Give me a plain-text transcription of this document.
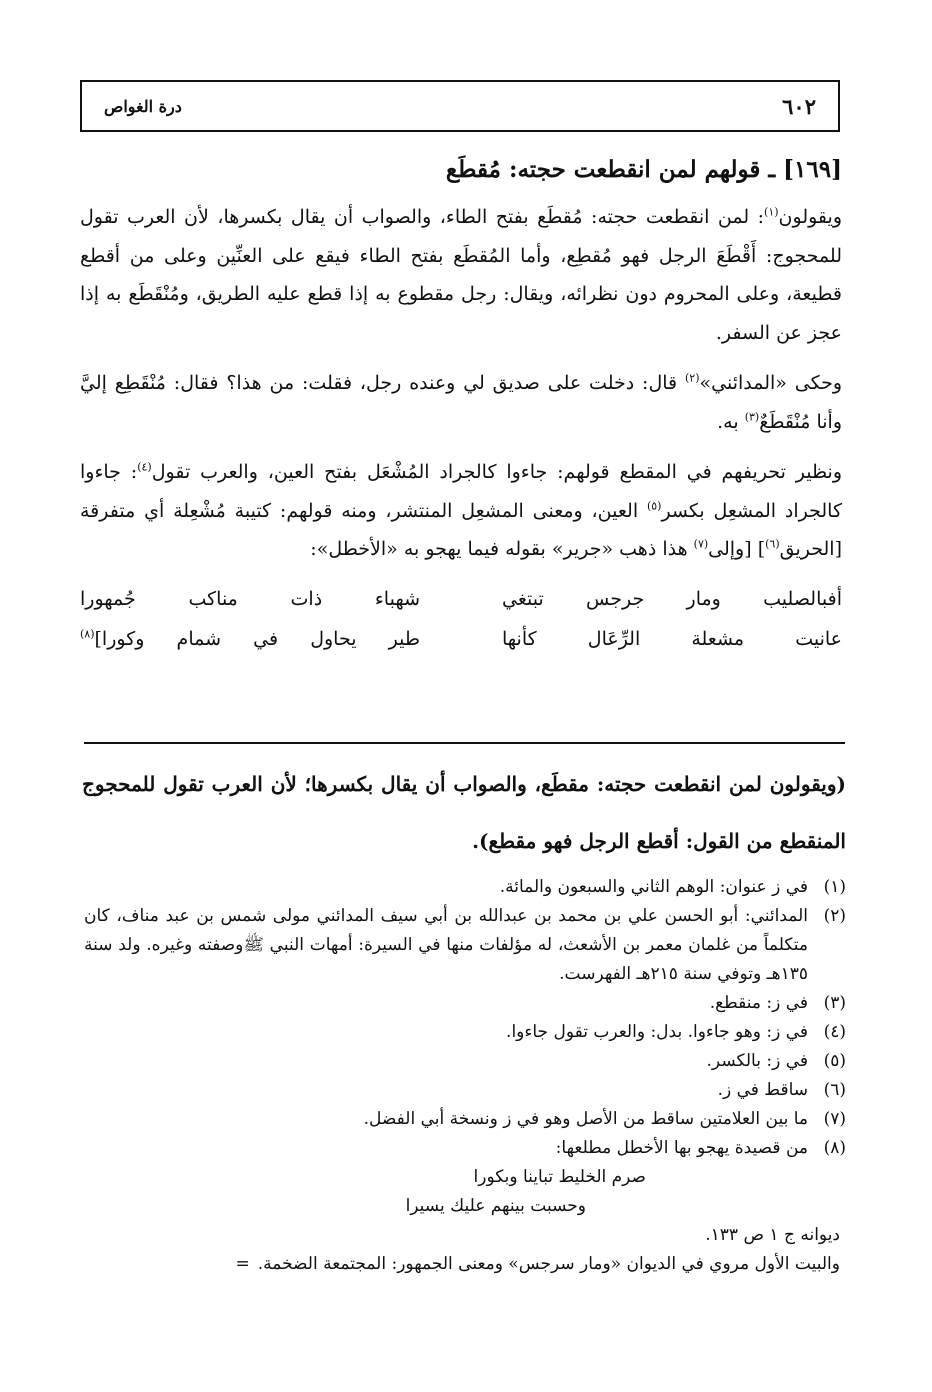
٦٠٢
درة الغواص
[١٦٩] ـ قولهم لمن انقطعت حجته: مُقطَع

ويقولون$^{(١)}$: لمن انقطعت حجته: مُقطَع بفتح الطاء، والصواب أن يقال بكسرها، لأن العرب تقول للمحجوج: أَقْطَعَ الرجل فهو مُقطِع، وأما المُقطَع بفتح الطاء فيقع على العنِّين وعلى من أقطع قطيعة، وعلى المحروم دون نظرائه، ويقال: رجل مقطوع به إذا قطع عليه الطريق، ومُنْقَطَع به إذا عجز عن السفر.

وحكى «المدائني»$^{(٢)}$ قال: دخلت على صديق لي وعنده رجل، فقلت: من هذا؟ فقال: مُنْقَطِع إليَّ وأنا مُنْقَطَعٌ$^{(٣)}$ به.

ونظير تحريفهم في المقطع قولهم: جاءوا كالجراد المُشْعَل بفتح العين، والعرب تقول$^{(٤)}$: جاءوا كالجراد المشعِل بكسر$^{(٥)}$ العين، ومعنى المشعِل المنتشر، ومنه قولهم: كتيبة مُشْعِلة أي متفرقة [الحريق$^{(٦)}$] [وإلى$^{(٧)}$ هذا ذهب «جرير» بقوله فيما يهجو به «الأخطل»:

أفبالصليب ومار جرجس تبتغي
شهباء ذات مناكب جُمهورا
عانيت مشعلة الرِّعَال كأنها
طير يحاول في شمام وكورا]$^{(٨)}$
(ويقولون لمن انقطعت حجته: مقطَع، والصواب أن يقال بكسرها؛ لأن العرب تقول للمحجوج المنقطع من القول: أقطع الرجل فهو مقطع).
(١)
في ز عنوان: الوهم الثاني والسبعون والمائة.
(٢)
المدائني: أبو الحسن علي بن محمد بن عبدالله بن أبي سيف المدائني مولى شمس بن عبد مناف، كان متكلماً من غلمان معمر بن الأشعث، له مؤلفات منها في السيرة: أمهات النبي ﷺوصفته وغيره. ولد سنة ١٣٥هـ وتوفي سنة ٢١٥هـ الفهرست.
(٣)
في ز: منقطع.
(٤)
في ز: وهو جاءوا. بدل: والعرب تقول جاءوا.
(٥)
في ز: بالكسر.
(٦)
ساقط في ز.
(٧)
ما بين العلامتين ساقط من الأصل وهو في ز ونسخة أبي الفضل.
(٨)
من قصيدة يهجو بها الأخطل مطلعها:
صرم الخليط تباينا وبكورا
وحسبت بينهم عليك يسيرا
ديوانه ج ١ ص ١٣٣.
والبيت الأول مروي في الديوان «ومار سرجس» ومعنى الجمهور: المجتمعة الضخمة.=
